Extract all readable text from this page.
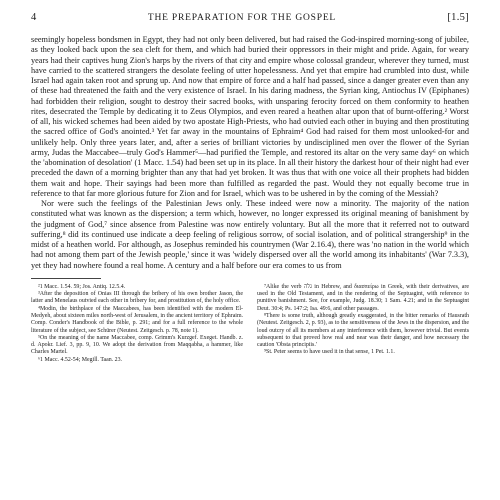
4	THE PREPARATION FOR THE GOSPEL	[1.5]

seemingly hopeless bondsmen in Egypt, they had not only been delivered, but had raised the God-inspired morning-song of jubilee, as they looked back upon the sea cleft for them, and which had buried their oppressors in their might and pride. Again, for weary years had their captives hung Zion's harps by the rivers of that city and empire whose colossal grandeur, wherever they turned, must have carried to the scattered strangers the desolate feeling of utter hopelessness. And yet that empire had crumbled into dust, while Israel had again taken root and sprung up. And now that empire of force and a half had passed, since a danger greater even than any of these had threatened the faith and the very existence of Israel. In his daring madness, the Syrian king, Antiochus IV (Epiphanes) had forbidden their religion, sought to destroy their sacred books, with unsparing ferocity forced on them conformity to heathen rites, desecrated the Temple by dedicating it to Zeus Olympios, and even reared a heathen altar upon that of burnt-offering.² Worst of all, his wicked schemes had been aided by two apostate High-Priests, who had outvied each other in buying and then prostituting the sacred office of God's anointed.³ Yet far away in the mountains of Ephraim⁴ God had raised for them most unlooked-for and unlikely help. Only three years later, and, after a series of brilliant victories by undisciplined men over the flower of the Syrian army, Judas the Maccabee—truly God's Hammer⁵—had purified the Temple, and restored its altar on the very same day⁶ on which the 'abomination of desolation' (1 Macc. 1.54) had been set up in its place. In all their history the darkest hour of their night had ever preceded the dawn of a morning brighter than any that had yet broken. It was thus that with one voice all their prophets had bidden them wait and hope. Their sayings had been more than fulfilled as regarded the past. Would they not equally become true in reference to that far more glorious future for Zion and for Israel, which was to be ushered in by the coming of the Messiah?

Nor were such the feelings of the Palestinian Jews only. These indeed were now a minority. The majority of the nation constituted what was known as the dispersion; a term which, however, no longer expressed its original meaning of banishment by the judgment of God,⁷ since absence from Palestine was now entirely voluntary. But all the more that it referred not to outward suffering,⁸ did its continued use indicate a deep feeling of religious sorrow, of social isolation, and of political strangership⁹ in the midst of a heathen world. For although, as Josephus reminded his countrymen (War 2.16.4), there was 'no nation in the world which had not among them part of the Jewish people,' since it was 'widely dispersed over all the world among its inhabitants' (War 7.3.3), yet they had nowhere found a real home. A century and a half before our era comes to us from

²1 Macc. 1.54. 59; Jos. Antiq. 12.5.4.

³After the deposition of Onias III through the bribery of his own brother Jason, the latter and Menelaus outvied each other in bribery for, and prostitution of, the holy office.

⁴Modin, the birthplace of the Maccabees, has been identified with the modern El-Medyeh, about sixteen miles north-west of Jerusalem, in the ancient territory of Ephraim. Comp. Conder's Handbook of the Bible, p. 291; and for a full reference to the whole literature of the subject, see Schürer (Neutest. Zeitgesch. p. 78, note 1).

⁵On the meaning of the name Maccabee, comp. Grimm's Kurzgef. Exeget. Handb. z. d. Apokr. Lief. 3, pp. 9, 10. We adopt the derivation from Maqqabha, a hammer, like Charles Martel.

⁶1 Macc. 4.52-54; Megill. Taan. 23.

⁷Alike the verb גלה in Hebrew, and διασπείρω in Greek, with their derivatives, are used in the Old Testament, and in the rendering of the Septuagint, with reference to punitive banishment. See, for example, Judg. 18.30; 1 Sam. 4.21; and in the Septuagint Deut. 30:4; Ps. 147:2; Isa. 49:6, and other passages.

⁸There is some truth, although greatly exaggerated, in the bitter remarks of Hausrath (Neutest. Zeitgesch. 2, p. 93), as to the sensitiveness of the Jews in the dispersion, and the loud outcry of all its members at any interference with them, however trivial. But events subsequent to that proved how real and near was their danger, and how necessary the caution 'Obsta principiis.'

⁹St. Peter seems to have used it in that sense, 1 Pet. 1.1.
